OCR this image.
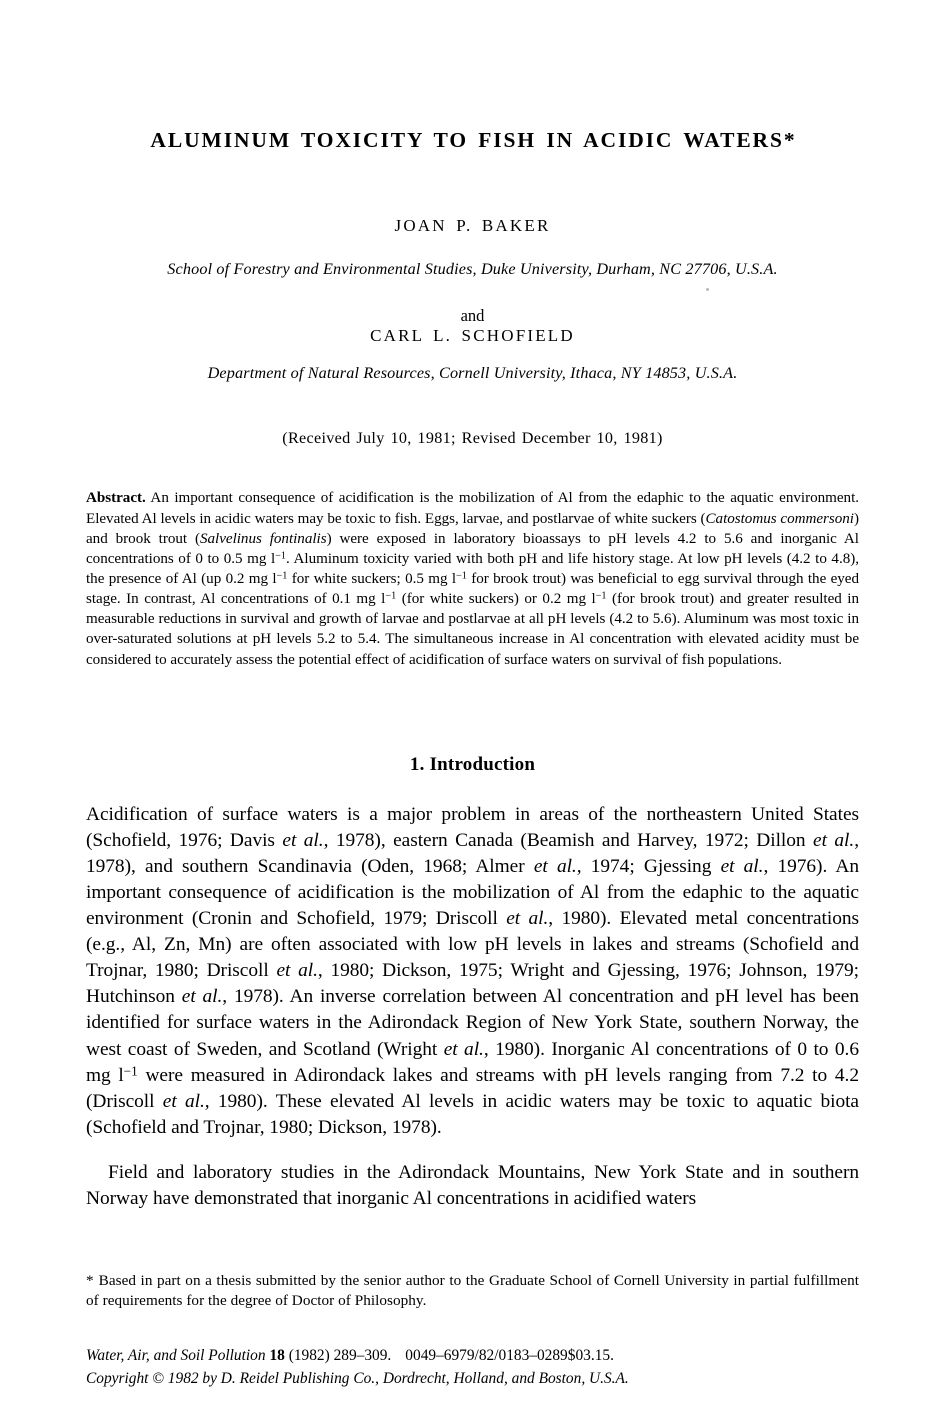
ALUMINUM TOXICITY TO FISH IN ACIDIC WATERS*
JOAN P. BAKER
School of Forestry and Environmental Studies, Duke University, Durham, NC 27706, U.S.A.
and
CARL L. SCHOFIELD
Department of Natural Resources, Cornell University, Ithaca, NY 14853, U.S.A.
(Received July 10, 1981; Revised December 10, 1981)
Abstract. An important consequence of acidification is the mobilization of Al from the edaphic to the aquatic environment. Elevated Al levels in acidic waters may be toxic to fish. Eggs, larvae, and postlarvae of white suckers (Catostomus commersoni) and brook trout (Salvelinus fontinalis) were exposed in laboratory bioassays to pH levels 4.2 to 5.6 and inorganic Al concentrations of 0 to 0.5 mg $l^{-1}$. Aluminum toxicity varied with both pH and life history stage. At low pH levels (4.2 to 4.8), the presence of Al (up 0.2 mg $l^{-1}$ for white suckers; 0.5 mg $l^{-1}$ for brook trout) was beneficial to egg survival through the eyed stage. In contrast, Al concentrations of 0.1 mg $l^{-1}$ (for white suckers) or 0.2 mg $l^{-1}$ (for brook trout) and greater resulted in measurable reductions in survival and growth of larvae and postlarvae at all pH levels (4.2 to 5.6). Aluminum was most toxic in over-saturated solutions at pH levels 5.2 to 5.4. The simultaneous increase in Al concentration with elevated acidity must be considered to accurately assess the potential effect of acidification of surface waters on survival of fish populations.
1. Introduction

Acidification of surface waters is a major problem in areas of the northeastern United States (Schofield, 1976; Davis et al., 1978), eastern Canada (Beamish and Harvey, 1972; Dillon et al., 1978), and southern Scandinavia (Oden, 1968; Almer et al., 1974; Gjessing et al., 1976). An important consequence of acidification is the mobilization of Al from the edaphic to the aquatic environment (Cronin and Schofield, 1979; Driscoll et al., 1980). Elevated metal concentrations (e.g., Al, Zn, Mn) are often associated with low pH levels in lakes and streams (Schofield and Trojnar, 1980; Driscoll et al., 1980; Dickson, 1975; Wright and Gjessing, 1976; Johnson, 1979; Hutchinson et al., 1978). An inverse correlation between Al concentration and pH level has been identified for surface waters in the Adirondack Region of New York State, southern Norway, the west coast of Sweden, and Scotland (Wright et al., 1980). Inorganic Al concentrations of 0 to 0.6 mg $l^{-1}$ were measured in Adirondack lakes and streams with pH levels ranging from 7.2 to 4.2 (Driscoll et al., 1980). These elevated Al levels in acidic waters may be toxic to aquatic biota (Schofield and Trojnar, 1980; Dickson, 1978).

Field and laboratory studies in the Adirondack Mountains, New York State and in southern Norway have demonstrated that inorganic Al concentrations in acidified waters

* Based in part on a thesis submitted by the senior author to the Graduate School of Cornell University in partial fulfillment of requirements for the degree of Doctor of Philosophy.
Water, Air, and Soil Pollution 18 (1982) 289–309. 0049–6979/82/0183–0289$03.15.
Copyright © 1982 by D. Reidel Publishing Co., Dordrecht, Holland, and Boston, U.S.A.
